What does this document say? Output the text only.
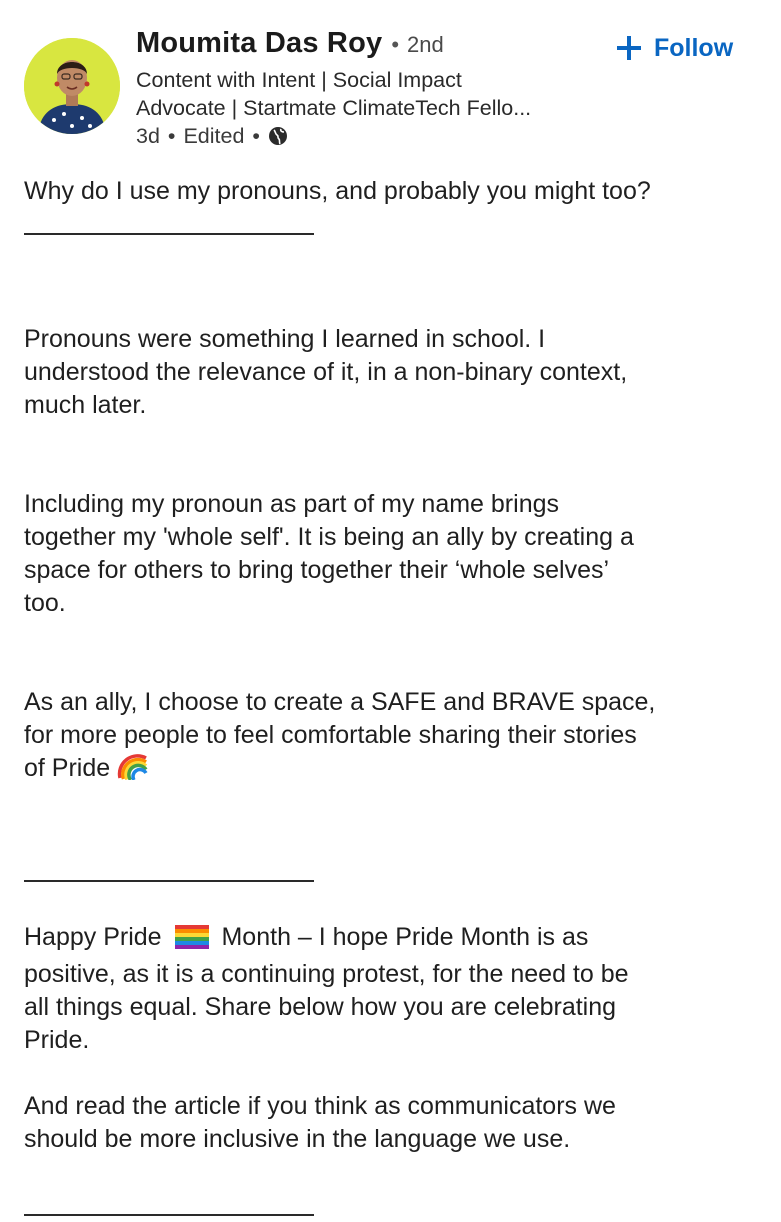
Moumita Das Roy • 2nd
Content with Intent | Social Impact
Advocate | Startmate ClimateTech Fello...
3d • Edited •
Follow

Why do I use my pronouns, and probably you might too?

Pronouns were something I learned in school. I

understood the relevance of it, in a non-binary context,

much later.

Including my pronoun as part of my name brings

together my 'whole self'. It is being an ally by creating a

space for others to bring together their ‘whole selves’

too.

As an ally, I choose to create a SAFE and BRAVE space,

for more people to feel comfortable sharing their stories

of Pride

Happy Pride Month – I hope Pride Month is as

positive, as it is a continuing protest, for the need to be

all things equal. Share below how you are celebrating

Pride.

And read the article if you think as communicators we

should be more inclusive in the language we use.
